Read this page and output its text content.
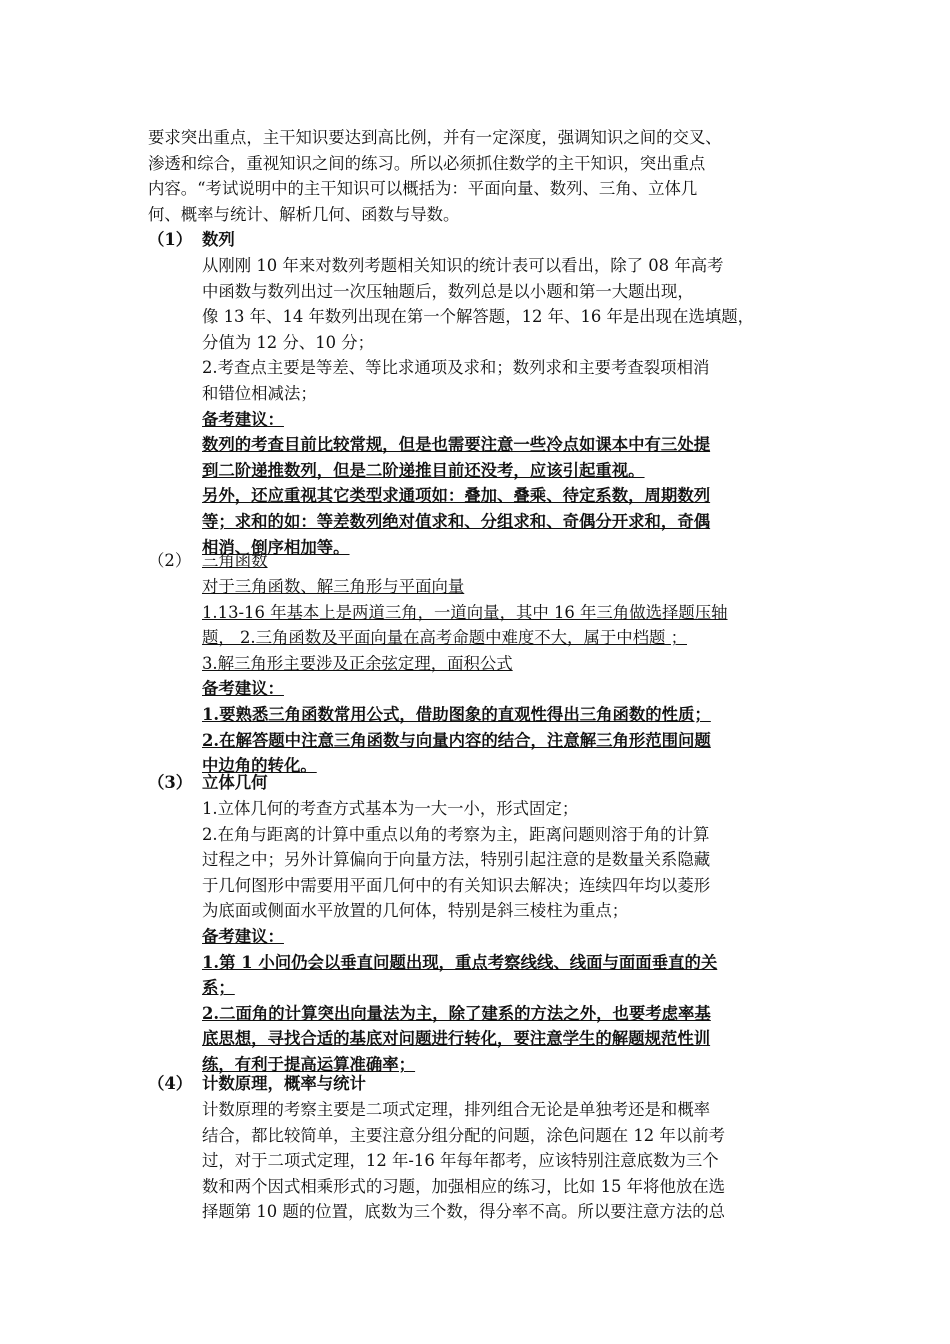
要求突出重点，主干知识要达到高比例，并有一定深度，强调知识之间的交叉、

渗透和综合，重视知识之间的练习。所以必须抓住数学的主干知识，突出重点

内容。“考试说明中的主干知识可以概括为：平面向量、数列、三角、立体几

何、概率与统计、解析几何、函数与导数。

（1） 数列

从刚刚 10 年来对数列考题相关知识的统计表可以看出，除了 08 年高考

中函数与数列出过一次压轴题后，数列总是以小题和第一大题出现，

像 13 年、14 年数列出现在第一个解答题，12 年、16 年是出现在选填题，

分值为 12 分、10 分；

2.考查点主要是等差、等比求通项及求和；数列求和主要考查裂项相消

和错位相减法；

备考建议：

数列的考查目前比较常规，但是也需要注意一些冷点如课本中有三处提

到二阶递推数列，但是二阶递推目前还没考，应该引起重视。

另外，还应重视其它类型求通项如：叠加、叠乘、待定系数，周期数列

等；求和的如：等差数列绝对值求和、分组求和、奇偶分开求和，奇偶

相消、倒序相加等。

（2） 三角函数

对于三角函数、解三角形与平面向量

1.13-16 年基本上是两道三角，一道向量，其中 16 年三角做选择题压轴

题， 2.三角函数及平面向量在高考命题中难度不大，属于中档题 ；

3.解三角形主要涉及正余弦定理，面积公式

备考建议：

1.要熟悉三角函数常用公式，借助图象的直观性得出三角函数的性质；

2.在解答题中注意三角函数与向量内容的结合，注意解三角形范围问题

中边角的转化。

（3） 立体几何

1.立体几何的考查方式基本为一大一小，形式固定；

2.在角与距离的计算中重点以角的考察为主，距离问题则溶于角的计算

过程之中；另外计算偏向于向量方法，特别引起注意的是数量关系隐藏

于几何图形中需要用平面几何中的有关知识去解决；连续四年均以菱形

为底面或侧面水平放置的几何体，特别是斜三棱柱为重点；

备考建议：

1.第 1 小问仍会以垂直问题出现，重点考察线线、线面与面面垂直的关

系；

2.二面角的计算突出向量法为主，除了建系的方法之外，也要考虑率基

底思想，寻找合适的基底对问题进行转化，要注意学生的解题规范性训

练，有利于提高运算准确率；

（4） 计数原理，概率与统计

计数原理的考察主要是二项式定理，排列组合无论是单独考还是和概率

结合，都比较简单，主要注意分组分配的问题，涂色问题在 12 年以前考

过，对于二项式定理，12 年-16 年每年都考，应该特别注意底数为三个

数和两个因式相乘形式的习题，加强相应的练习，比如 15 年将他放在选

择题第 10 题的位置，底数为三个数，得分率不高。所以要注意方法的总
